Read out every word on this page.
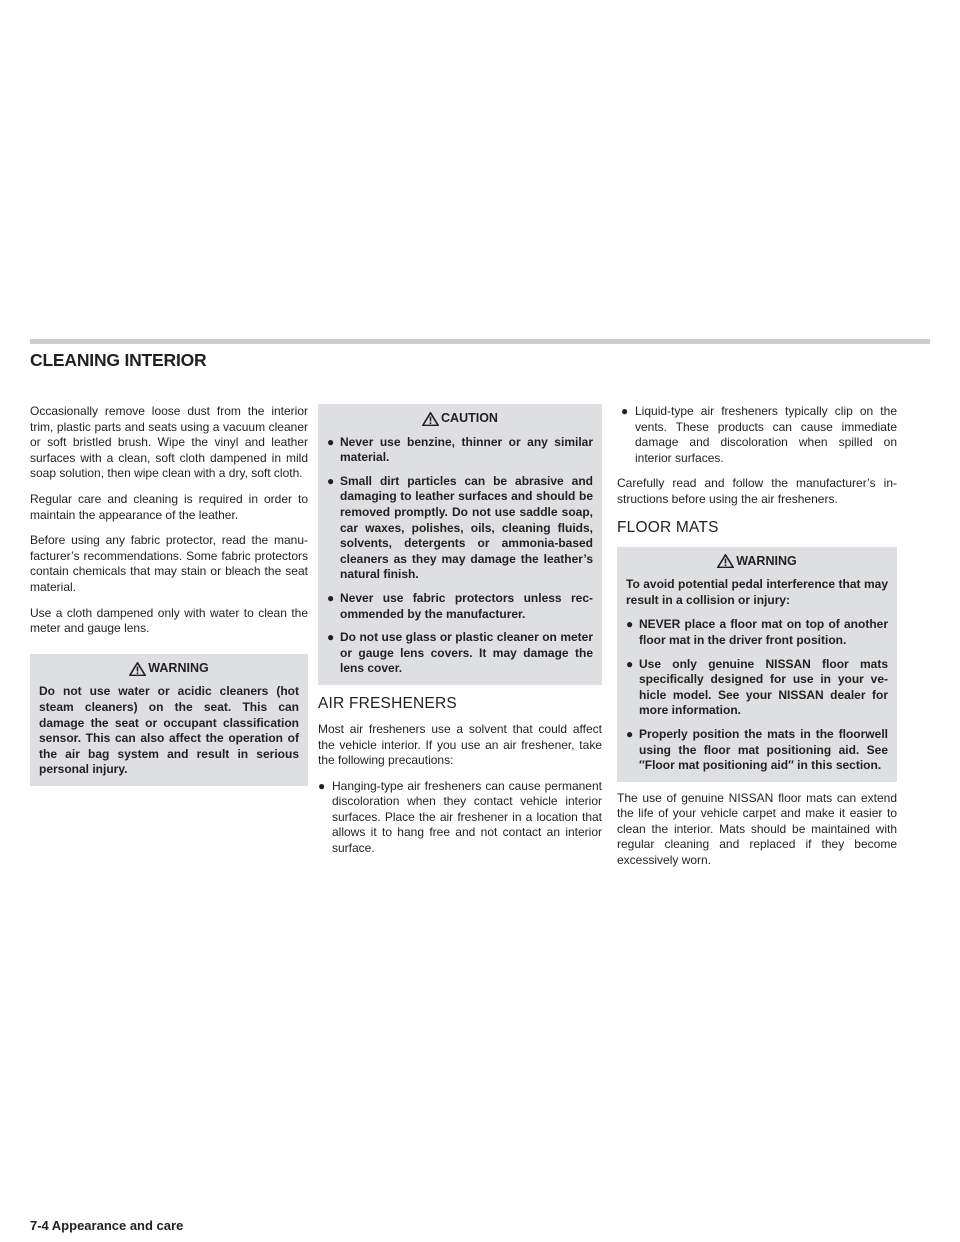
CLEANING INTERIOR

Occasionally remove loose dust from the interior trim, plastic parts and seats using a vacuum cleaner or soft bristled brush. Wipe the vinyl and leather surfaces with a clean, soft cloth dampened in mild soap solution, then wipe clean with a dry, soft cloth.

Regular care and cleaning is required in order to maintain the appearance of the leather.

Before using any fabric protector, read the manufacturer’s recommendations. Some fabric protectors contain chemicals that may stain or bleach the seat material.

Use a cloth dampened only with water to clean the meter and gauge lens.

WARNING

Do not use water or acidic cleaners (hot steam cleaners) on the seat. This can damage the seat or occupant classification sensor. This can also affect the operation of the air bag system and result in serious personal injury.

CAUTION
● Never use benzine, thinner or any similar material.
● Small dirt particles can be abrasive and damaging to leather surfaces and should be removed promptly. Do not use saddle soap, car waxes, polishes, oils, cleaning fluids, solvents, detergents or ammonia-based cleaners as they may damage the leather’s natural finish.
● Never use fabric protectors unless recommended by the manufacturer.
● Do not use glass or plastic cleaner on meter or gauge lens covers. It may damage the lens cover.
AIR FRESHENERS

Most air fresheners use a solvent that could affect the vehicle interior. If you use an air freshener, take the following precautions:

● Hanging-type air fresheners can cause permanent discoloration when they contact vehicle interior surfaces. Place the air freshener in a location that allows it to hang free and not contact an interior surface.
● Liquid-type air fresheners typically clip on the vents. These products can cause immediate damage and discoloration when spilled on interior surfaces.

Carefully read and follow the manufacturer’s instructions before using the air fresheners.

FLOOR MATS
WARNING

To avoid potential pedal interference that may result in a collision or injury:

● NEVER place a floor mat on top of another floor mat in the driver front position.
● Use only genuine NISSAN floor mats specifically designed for use in your vehicle model. See your NISSAN dealer for more information.
● Properly position the mats in the floorwell using the floor mat positioning aid. See ″Floor mat positioning aid″ in this section.

The use of genuine NISSAN floor mats can extend the life of your vehicle carpet and make it easier to clean the interior. Mats should be maintained with regular cleaning and replaced if they become excessively worn.

7-4 Appearance and care
